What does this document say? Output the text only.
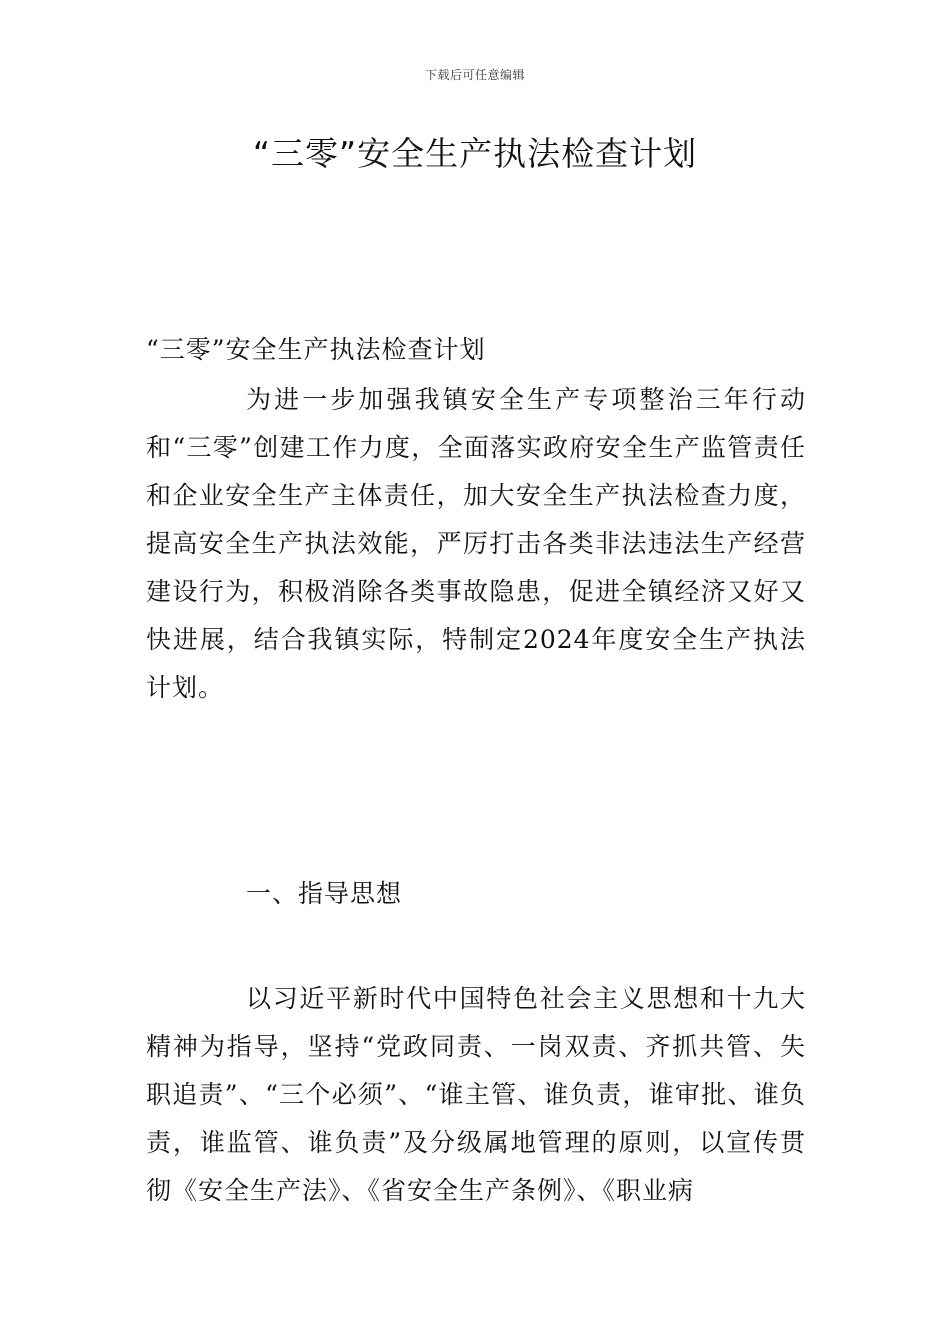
下载后可任意编辑
“三零”安全生产执法检查计划
“三零”安全生产执法检查计划

为进一步加强我镇安全生产专项整治三年行动和“三零”创建工作力度，全面落实政府安全生产监管责任和企业安全生产主体责任，加大安全生产执法检查力度，提高安全生产执法效能，严厉打击各类非法违法生产经营建设行为，积极消除各类事故隐患，促进全镇经济又好又快进展，结合我镇实际，特制定2024年度安全生产执法计划。

一、指导思想

以习近平新时代中国特色社会主义思想和十九大精神为指导，坚持“党政同责、一岗双责、齐抓共管、失职追责”、“三个必须”、“谁主管、谁负责，谁审批、谁负责，谁监管、谁负责”及分级属地管理的原则，以宣传贯彻《安全生产法》、《省安全生产条例》、《职业病
